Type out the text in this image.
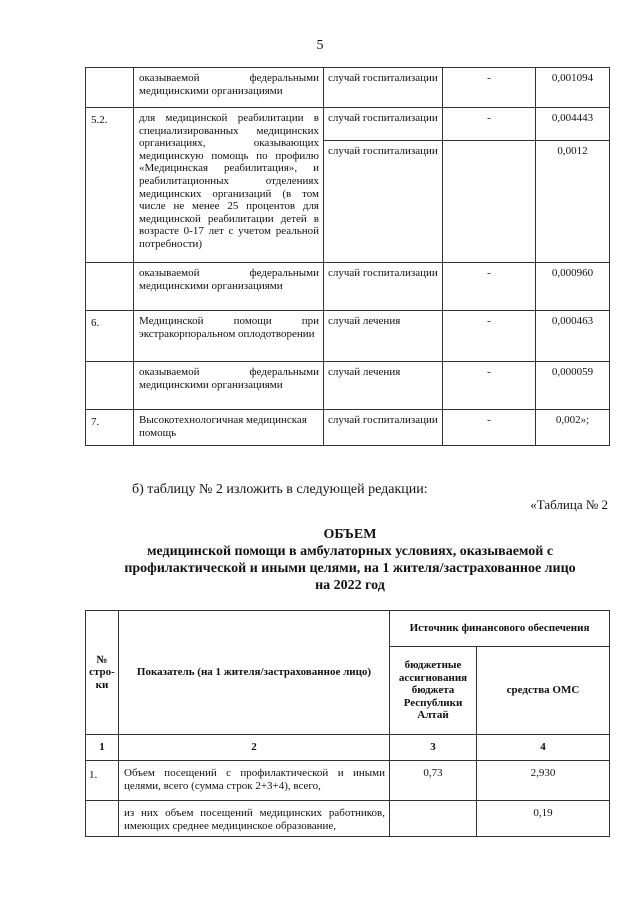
5
	оказываемой федеральными медицинскими организациями	случай госпитализации	-	0,001094
5.2.	для медицинской реабилитации в специализированных медицинских организациях, оказывающих медицинскую помощь по профилю «Медицинская реабилитация», и реабилитационных отделениях медицинских организаций (в том числе не менее 25 процентов для медицинской реабилитации детей в возрасте 0-17 лет с учетом реальной потребности)	случай госпитализации	-	0,004443
		случай госпитализации		0,0012
	оказываемой федеральными медицинскими организациями	случай госпитализации	-	0,000960
6.	Медицинской помощи при экстракорпоральном оплодотворении	случай лечения	-	0,000463
	оказываемой федеральными медицинскими организациями	случай лечения	-	0,000059
7.	Высокотехнологичная медицинская помощь	случай госпитализации	-	0,002»;
б) таблицу № 2 изложить в следующей редакции:
«Таблица № 2
ОБЪЕМ
медицинской помощи в амбулаторных условиях, оказываемой с
профилактической и иными целями, на 1 жителя/застрахованное лицо
на 2022 год
№ стро-ки	Показатель (на 1 жителя/застрахованное лицо)	Источник финансового обеспечения	
		бюджетные ассигнования бюджета Республики Алтай	средства ОМС
1	2	3	4
1.	Объем посещений с профилактической и иными целями, всего (сумма строк 2+3+4), всего,	0,73	2,930
	из них объем посещений медицинских работников, имеющих среднее медицинское образование,		0,19
